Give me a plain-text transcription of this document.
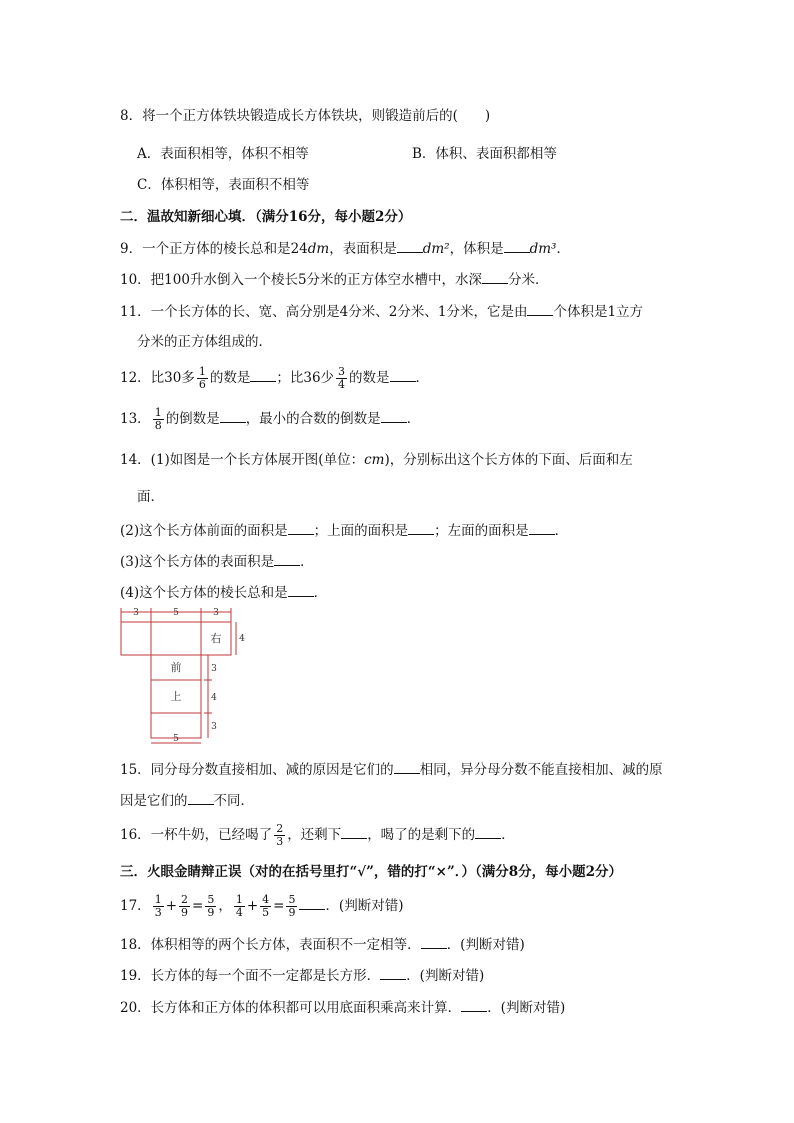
8．将一个正方体铁块锻造成长方体铁块，则锻造前后的(　　)
A．表面积相等，体积不相等	B．体积、表面积都相等
C．体积相等，表面积不相等
二．温故知新细心填．（满分16分，每小题2分）
9．一个正方体的棱长总和是24dm，表面积是 dm²，体积是 dm³．
10．把100升水倒入一个棱长5分米的正方体空水槽中，水深 分米．
11．一个长方体的长、宽、高分别是4分米、2分米、1分米，它是由 个体积是1立方
分米的正方体组成的．
12．比30多 $\frac{1}{6}$ 的数是 ；比36少 $\frac{3}{4}$ 的数是 ．
13． $\frac{1}{8}$ 的倒数是 ，最小的合数的倒数是 ．
14．(1)如图是一个长方体展开图(单位：cm)，分别标出这个长方体的下面、后面和左
面．
(2)这个长方体前面的面积是 ；上面的面积是 ；左面的面积是 ．
(3)这个长方体的表面积是 ．
(4)这个长方体的棱长总和是 ．
3	5	3
4
3
4
3
5
右
前
上
15．同分母分数直接相加、减的原因是它们的 相同，异分母分数不能直接相加、减的原
因是它们的 不同．
16．一杯牛奶，已经喝了 $\frac{2}{3}$ ，还剩下 ，喝了的是剩下的 ．
三．火眼金睛辩正误（对的在括号里打“√”，错的打“×”．）（满分8分，每小题2分）
17． $\frac{1}{3} + \frac{2}{9} = \frac{5}{9}$ ， $\frac{1}{4} + \frac{4}{5} = \frac{5}{9}$ ．(判断对错)
18．体积相等的两个长方体，表面积不一定相等． ．(判断对错)
19．长方体的每一个面不一定都是长方形． ．(判断对错)
20．长方体和正方体的体积都可以用底面积乘高来计算． ．(判断对错)
